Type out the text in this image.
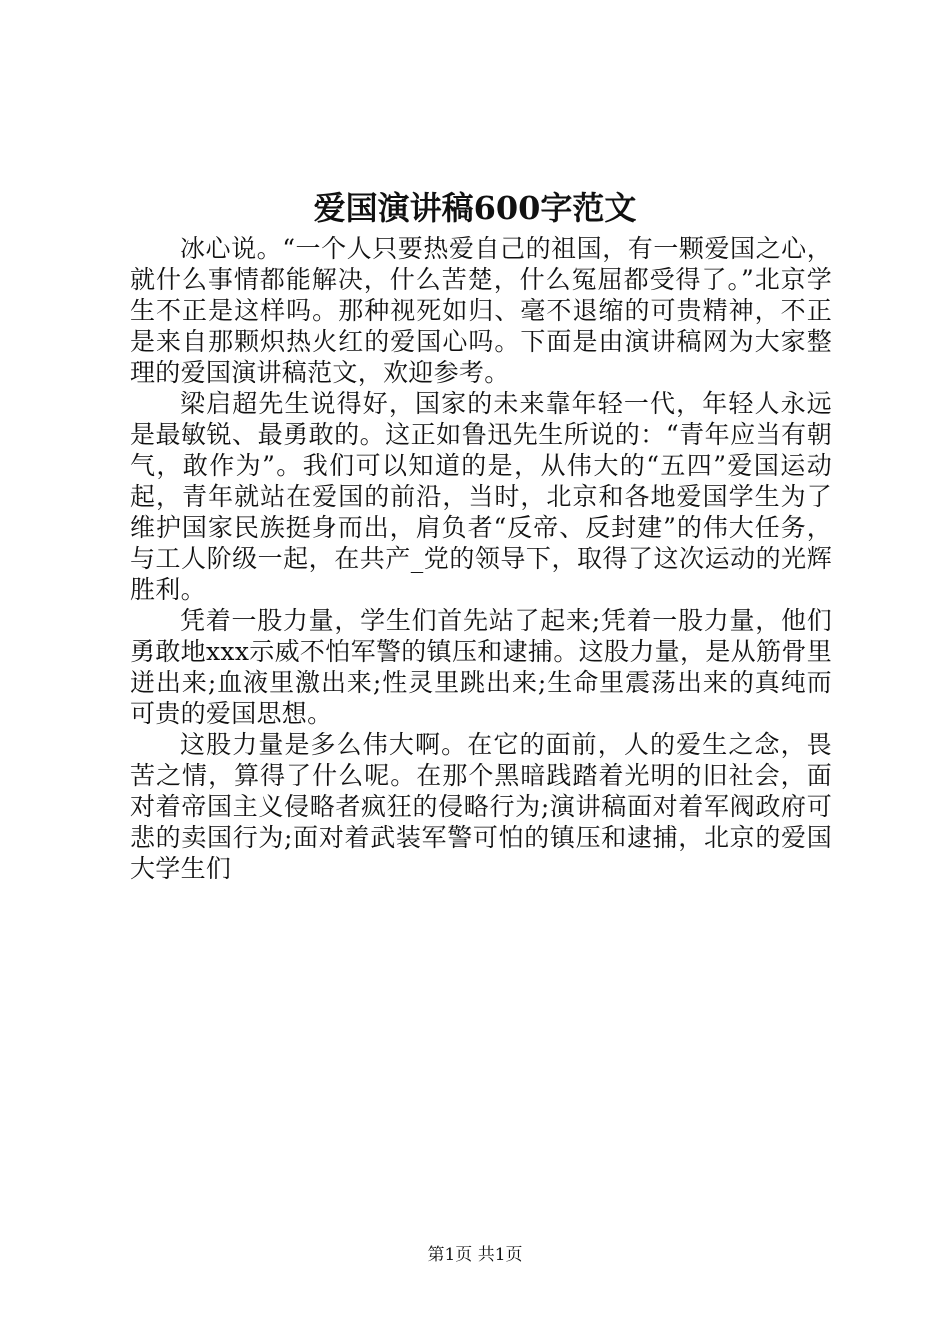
爱国演讲稿600字范文

冰心说。“一个人只要热爱自己的祖国，有一颗爱国之心，就什么事情都能解决，什么苦楚，什么冤屈都受得了。”北京学生不正是这样吗。那种视死如归、毫不退缩的可贵精神，不正是来自那颗炽热火红的爱国心吗。下面是由演讲稿网为大家整理的爱国演讲稿范文，欢迎参考。

梁启超先生说得好，国家的未来靠年轻一代，年轻人永远是最敏锐、最勇敢的。这正如鲁迅先生所说的：“青年应当有朝气，敢作为”。我们可以知道的是，从伟大的“五四”爱国运动起，青年就站在爱国的前沿，当时，北京和各地爱国学生为了维护国家民族挺身而出，肩负者“反帝、反封建”的伟大任务，与工人阶级一起，在共产_党的领导下，取得了这次运动的光辉胜利。

凭着一股力量，学生们首先站了起来;凭着一股力量，他们勇敢地xxx示威不怕军警的镇压和逮捕。这股力量，是从筋骨里迸出来;血液里激出来;性灵里跳出来;生命里震荡出来的真纯而可贵的爱国思想。

这股力量是多么伟大啊。在它的面前，人的爱生之念，畏苦之情，算得了什么呢。在那个黑暗践踏着光明的旧社会，面对着帝国主义侵略者疯狂的侵略行为;演讲稿面对着军阀政府可悲的卖国行为;面对着武装军警可怕的镇压和逮捕，北京的爱国大学生们

第1页 共1页
